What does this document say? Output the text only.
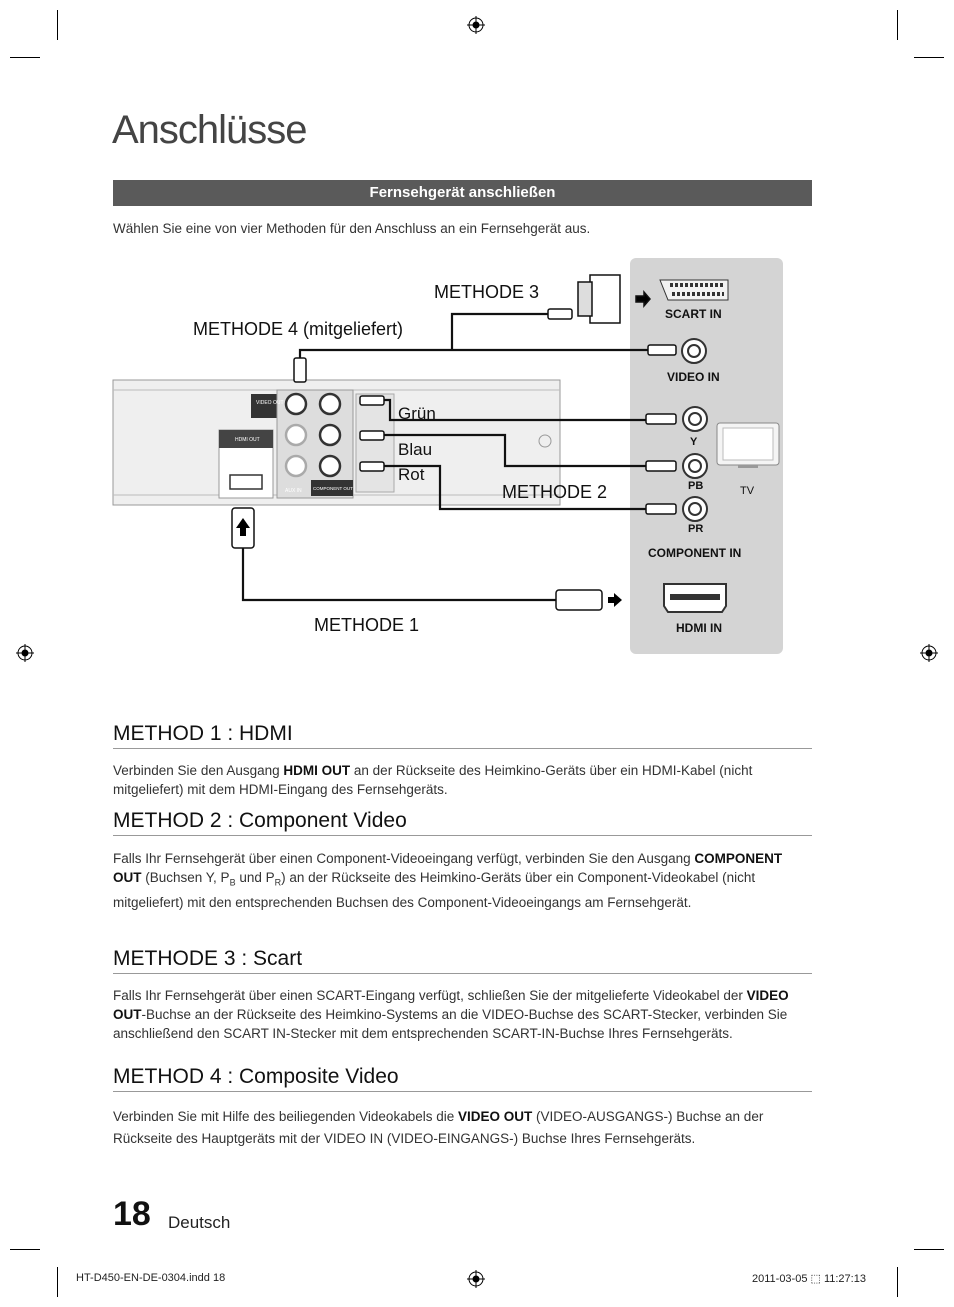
Anschlüsse
Fernsehgerät anschließen
Wählen Sie eine von vier Methoden für den Anschluss an ein Fernsehgerät aus.
SCART IN
VIDEO IN
Y
PB
PR
TV
COMPONENT IN
HDMI IN
VIDEO OUT
HDMI OUT
AUX IN	COMPONENT OUT
METHODE 3
METHODE 4 (mitgeliefert)
Grün
Blau
Rot
METHODE 2
METHODE 1
METHOD 1 : HDMI
Verbinden Sie den Ausgang HDMI OUT an der Rückseite des Heimkino-Geräts über ein HDMI-Kabel (nicht mitgeliefert) mit dem HDMI-Eingang des Fernsehgeräts.
METHOD 2 : Component Video
Falls Ihr Fernsehgerät über einen Component-Videoeingang verfügt, verbinden Sie den Ausgang COMPONENT OUT (Buchsen Y, $P_B$ und $P_R$) an der Rückseite des Heimkino-Geräts über ein Component-Videokabel (nicht mitgeliefert) mit den entsprechenden Buchsen des Component-Videoeingangs am Fernsehgerät.
METHODE 3 : Scart
Falls Ihr Fernsehgerät über einen SCART-Eingang verfügt, schließen Sie der mitgelieferte Videokabel der VIDEO OUT-Buchse an der Rückseite des Heimkino-Systems an die VIDEO-Buchse des SCART-Stecker, verbinden Sie anschließend den SCART IN-Stecker mit dem entsprechenden SCART-IN-Buchse Ihres Fernsehgeräts.
METHOD 4 : Composite Video
Verbinden Sie mit Hilfe des beiliegenden Videokabels die VIDEO OUT (VIDEO-AUSGANGS-) Buchse an der Rückseite des Hauptgeräts mit der VIDEO IN (VIDEO-EINGANGS-) Buchse Ihres Fernsehgeräts.
18 Deutsch
HT-D450-EN-DE-0304.indd 18	2011-03-05 ⬚ 11:27:13
